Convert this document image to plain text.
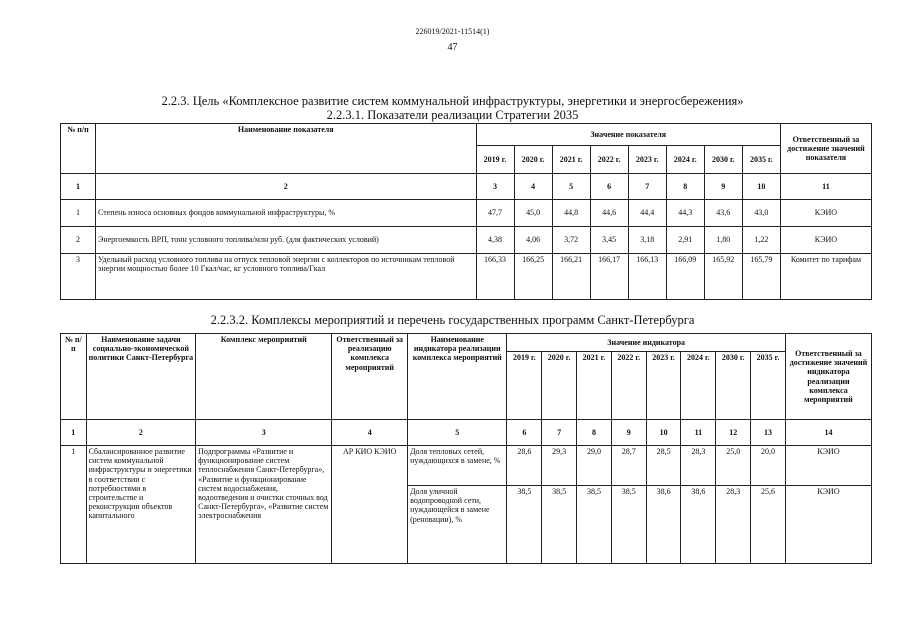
226019/2021-11514(1)
47
2.2.3. Цель «Комплексное развитие систем коммунальной инфраструктуры, энергетики и энергосбережения»
2.2.3.1. Показатели реализации Стратегии 2035
№ п/п	Наименование показателя	Значение показателя								Ответственный за достижение значений показателя
		2019 г.	2020 г.	2021 г.	2022 г.	2023 г.	2024 г.	2030 г.	2035 г.	
1	2	3	4	5	6	7	8	9	10	11
1	Степень износа основных фондов коммунальной инфраструктуры, %	47,7	45,0	44,8	44,6	44,4	44,3	43,6	43,0	КЭИО
2	Энергоемкость ВРП, тонн условного топлива/млн руб. (для фактических условий)	4,38	4,06	3,72	3,45	3,18	2,91	1,80	1,22	КЭИО
3	Удельный расход условного топлива на отпуск тепловой энергии с коллекторов по источникам тепловой энергии мощностью более 10 Гкал/час, кг условного топлива/Гкал	166,33	166,25	166,21	166,17	166,13	166,09	165,92	165,79	Комитет по тарифам
2.2.3.2. Комплексы мероприятий и перечень государственных программ Санкт-Петербурга
№ п/п	Наименование задачи социально-экономической политики Санкт-Петербурга	Комплекс мероприятий	Ответственный за реализацию комплекса мероприятий	Наименование индикатора реализации комплекса мероприятий	Значение индикатора								Ответственный за достижение значений индикатора реализации комплекса мероприятий
					2019 г.	2020 г.	2021 г.	2022 г.	2023 г.	2024 г.	2030 г.	2035 г.	
1	2	3	4	5	6	7	8	9	10	11	12	13	14
1	Сбалансированное развитие систем коммунальной инфраструктуры и энергетики в соответствии с потребностями в строительстве и реконструкции объектов капитального	Подпрограммы «Развитие и функционирование систем теплоснабжения Санкт-Петербурга», «Развитие и функционирование систем водоснабжения, водоотведения и очистки сточных вод Санкт-Петербурга», «Развитие систем электроснабжения	АР КИО КЭИО	Доля тепловых сетей, нуждающихся в замене, %	28,6	29,3	29,0	28,7	28,5	28,3	25,0	20,0	КЭИО
				Доля уличной водопроводной сети, нуждающейся в замене (реновации), %	38,5	38,5	38,5	38,5	38,6	38,6	28,3	25,6	КЭИО
